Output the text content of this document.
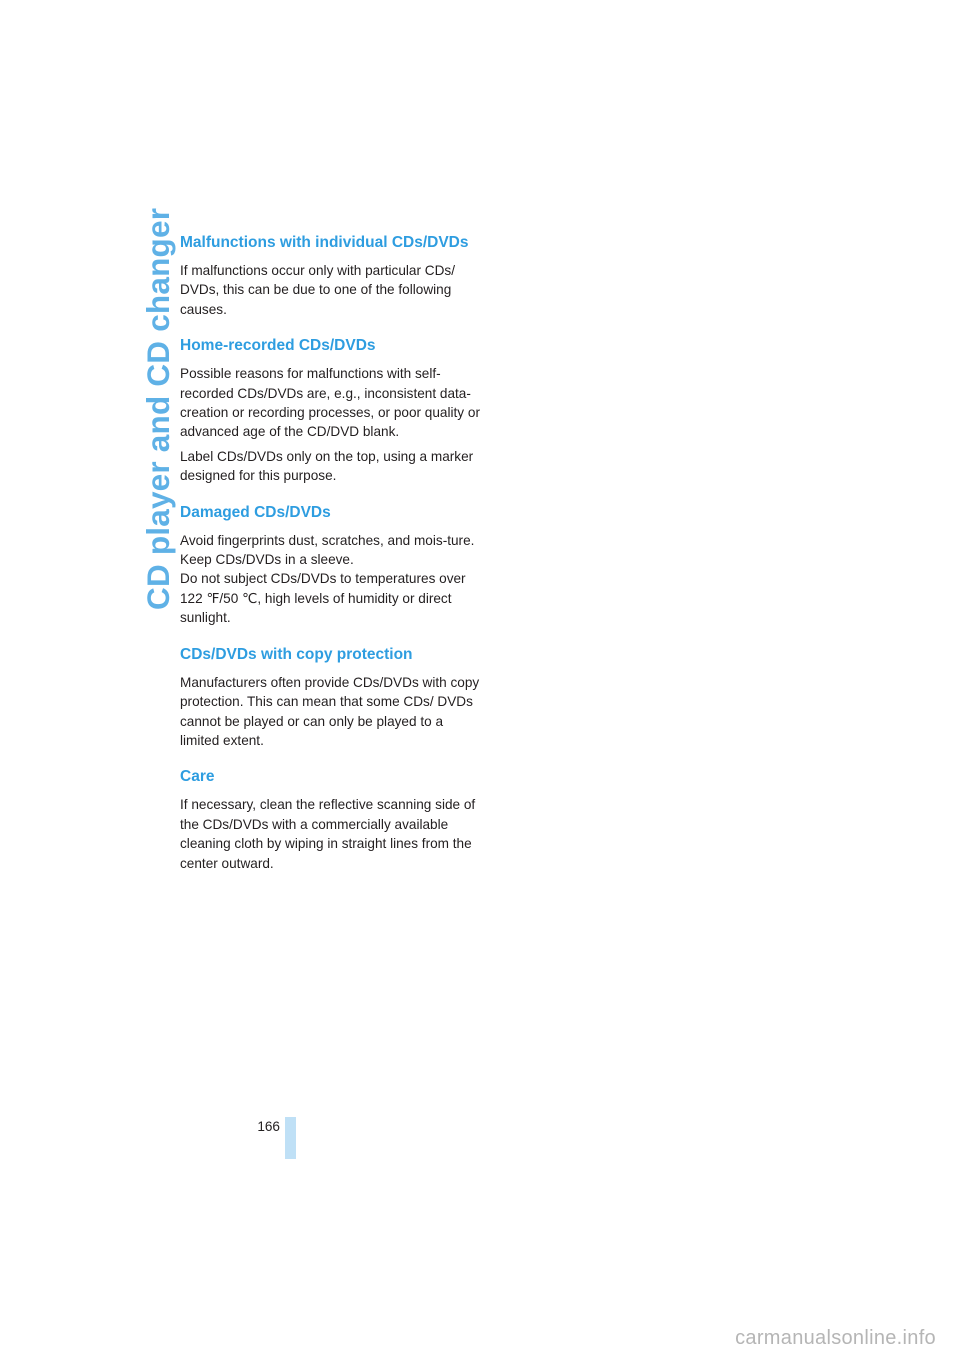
CD player and CD changer Malfunctions with individual CDs/DVDs

If malfunctions occur only with particular CDs/ DVDs, this can be due to one of the following causes.

Home-recorded CDs/DVDs

Possible reasons for malfunctions with self-recorded CDs/DVDs are, e.g., inconsistent data-creation or recording processes, or poor quality or advanced age of the CD/DVD blank.

Label CDs/DVDs only on the top, using a marker designed for this purpose.

Damaged CDs/DVDs

Avoid fingerprints dust, scratches, and mois-ture.
Keep CDs/DVDs in a sleeve.
Do not subject CDs/DVDs to temperatures over 122 ℉/50 ℃, high levels of humidity or direct sunlight.

CDs/DVDs with copy protection

Manufacturers often provide CDs/DVDs with copy protection. This can mean that some CDs/ DVDs cannot be played or can only be played to a limited extent.

Care

If necessary, clean the reflective scanning side of the CDs/DVDs with a commercially available cleaning cloth by wiping in straight lines from the center outward.

166
carmanualsonline.info
